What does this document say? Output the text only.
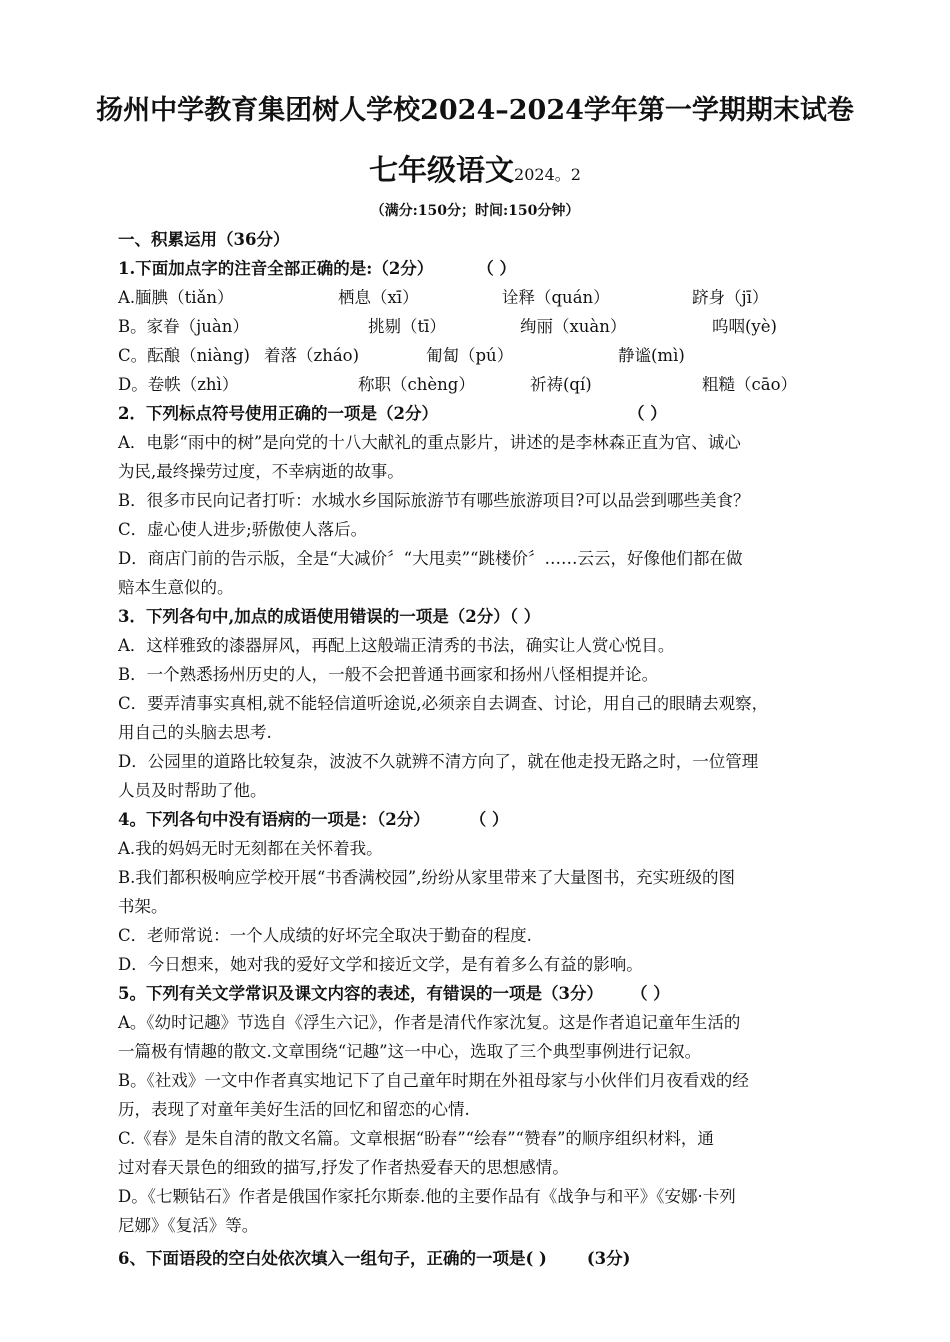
扬州中学教育集团树人学校2024–2024学年第一学期期末试卷
七年级语文2024。2
（满分:150分；时间:150分钟）
一、积累运用（36分）
1.下面加点字的注音全部正确的是:（2分）	（ ）
A.腼腆（tiǎn）	栖息（xī）	诠释（quán）	跻身（jī）
B。家眷（juàn）	挑剔（tī）	绚丽（xuàn）	呜咽(yè)
C。酝酿（niàng) 着落（zháo)	匍匐（pú）	静谧(mì)
D。卷帙（zhì）	称职（chèng）	祈祷(qí)	粗糙（cāo）
2．下列标点符号使用正确的一项是（2分）	（ ）
A．电影“雨中的树”是向党的十八大献礼的重点影片，讲述的是李林森正直为官、诚心
为民,最终操劳过度，不幸病逝的故事。
B．很多市民向记者打听：水城水乡国际旅游节有哪些旅游项目?可以品尝到哪些美食？
C．虚心使人进步;骄傲使人落后。
D．商店门前的告示版，全是“大减价〞“大甩卖”“跳楼价〞……云云，好像他们都在做
赔本生意似的。
3．下列各句中,加点的成语使用错误的一项是（2分）（ ）
A．这样雅致的漆器屏风，再配上这般端正清秀的书法，确实让人赏心悦目。
B．一个熟悉扬州历史的人，一般不会把普通书画家和扬州八怪相提并论。
C．要弄清事实真相,就不能轻信道听途说,必须亲自去调查、讨论，用自己的眼睛去观察，
用自己的头脑去思考.
D．公园里的道路比较复杂，波波不久就辨不清方向了，就在他走投无路之时，一位管理
人员及时帮助了他。
4。下列各句中没有语病的一项是：（2分） （ ）
A.我的妈妈无时无刻都在关怀着我。
B.我们都积极响应学校开展“书香满校园”,纷纷从家里带来了大量图书，充实班级的图
书架。
C．老师常说：一个人成绩的好坏完全取决于勤奋的程度.
D．今日想来，她对我的爱好文学和接近文学，是有着多么有益的影响。
5。下列有关文学常识及课文内容的表述，有错误的一项是（3分） （ ）
A。《幼时记趣》节选自《浮生六记》，作者是清代作家沈复。这是作者追记童年生活的
一篇极有情趣的散文.文章围绕“记趣”这一中心，选取了三个典型事例进行记叙。
B。《社戏》一文中作者真实地记下了自己童年时期在外祖母家与小伙伴们月夜看戏的经
历，表现了对童年美好生活的回忆和留恋的心情.
C.《春》是朱自清的散文名篇。文章根据“盼春”“绘春”“赞春”的顺序组织材料，通
过对春天景色的细致的描写,抒发了作者热爱春天的思想感情。
D。《七颗钻石》作者是俄国作家托尔斯泰.他的主要作品有《战争与和平》《安娜·卡列
尼娜》《复活》等。
6、下面语段的空白处依次填入一组句子，正确的一项是( ) (3分)
